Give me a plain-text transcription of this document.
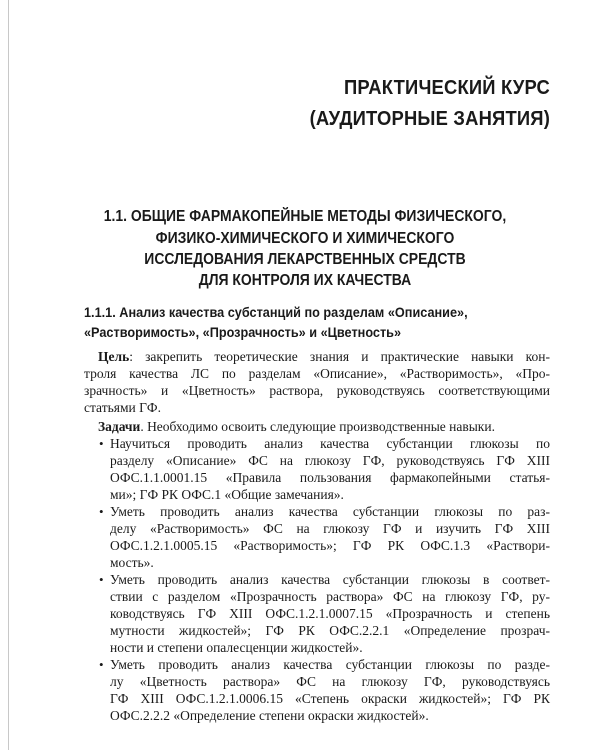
ПРАКТИЧЕСКИЙ КУРС
(АУДИТОРНЫЕ ЗАНЯТИЯ)
1.1. ОБЩИЕ ФАРМАКОПЕЙНЫЕ МЕТОДЫ ФИЗИЧЕСКОГО,
ФИЗИКО-ХИМИЧЕСКОГО И ХИМИЧЕСКОГО
ИССЛЕДОВАНИЯ ЛЕКАРСТВЕННЫХ СРЕДСТВ
ДЛЯ КОНТРОЛЯ ИХ КАЧЕСТВА
1.1.1. Анализ качества субстанций по разделам «Описание»,
«Растворимость», «Прозрачность» и «Цветность»
Цель: закрепить теоретические знания и практические навыки кон-
троля качества ЛС по разделам «Описание», «Растворимость», «Про-
зрачность» и «Цветность» раствора, руководствуясь соответствующими
статьями ГФ.
Задачи. Необходимо освоить следующие производственные навыки.
• Научиться проводить анализ качества субстанции глюкозы по
разделу «Описание» ФС на глюкозу ГФ, руководствуясь ГФ XIII
ОФС.1.1.0001.15 «Правила пользования фармакопейными статья-
ми»; ГФ РК ОФС.1 «Общие замечания».
• Уметь проводить анализ качества субстанции глюкозы по раз-
делу «Растворимость» ФС на глюкозу ГФ и изучить ГФ XIII
ОФС.1.2.1.0005.15 «Растворимость»; ГФ РК ОФС.1.3 «Раствори-
мость».
• Уметь проводить анализ качества субстанции глюкозы в соответ-
ствии с разделом «Прозрачность раствора» ФС на глюкозу ГФ, ру-
ководствуясь ГФ XIII ОФС.1.2.1.0007.15 «Прозрачность и степень
мутности жидкостей»; ГФ РК ОФС.2.2.1 «Определение прозрач-
ности и степени опалесценции жидкостей».
• Уметь проводить анализ качества субстанции глюкозы по разде-
лу «Цветность раствора» ФС на глюкозу ГФ, руководствуясь
ГФ XIII ОФС.1.2.1.0006.15 «Степень окраски жидкостей»; ГФ РК
ОФС.2.2.2 «Определение степени окраски жидкостей».
